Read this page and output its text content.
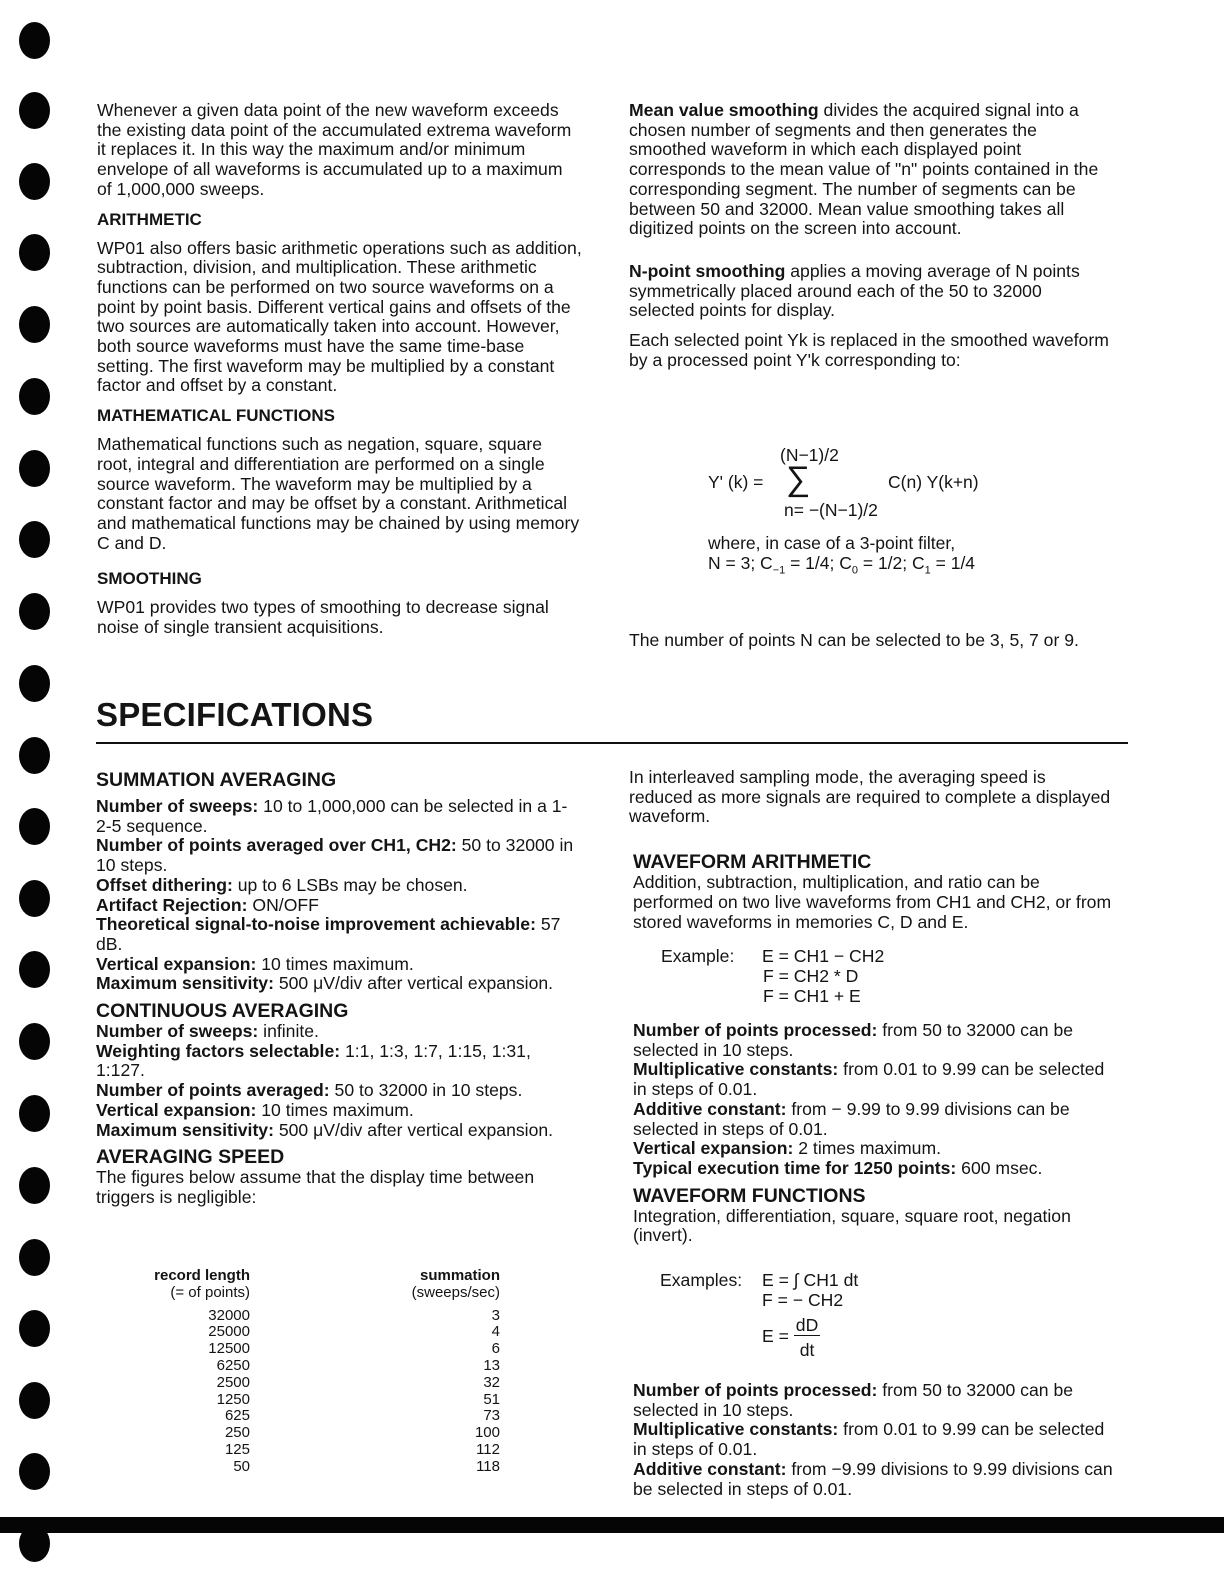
Whenever a given data point of the new waveform exceeds the existing data point of the accumulated extrema waveform it replaces it. In this way the maximum and/or minimum envelope of all waveforms is accumulated up to a maximum of 1,000,000 sweeps.

ARITHMETIC

WP01 also offers basic arithmetic operations such as addition, subtraction, division, and multiplication. These arithmetic functions can be performed on two source waveforms on a point by point basis. Different vertical gains and offsets of the two sources are automatically taken into account. However, both source waveforms must have the same time-base setting. The first waveform may be multiplied by a constant factor and offset by a constant.

MATHEMATICAL FUNCTIONS

Mathematical functions such as negation, square, square root, integral and differentiation are performed on a single source waveform. The waveform may be multiplied by a constant factor and may be offset by a constant. Arithmetical and mathematical functions may be chained by using memory C and D.

SMOOTHING

WP01 provides two types of smoothing to decrease signal noise of single transient acquisitions.

Mean value smoothing divides the acquired signal into a chosen number of segments and then generates the smoothed waveform in which each displayed point corresponds to the mean value of "n" points contained in the corresponding segment. The number of segments can be between 50 and 32000. Mean value smoothing takes all digitized points on the screen into account.

N-point smoothing applies a moving average of N points symmetrically placed around each of the 50 to 32000 selected points for display.

Each selected point Yk is replaced in the smoothed waveform by a processed point Y'k corresponding to:

(N−1)/2
Y' (k) = ∑	C(n) Y(k+n)
n= −(N−1)/2
where, in case of a 3-point filter,
N = 3; $C_{-1} = 1/4$; $C_0 = 1/2$; $C_1 = 1/4$

The number of points N can be selected to be 3, 5, 7 or 9.

SPECIFICATIONS
SUMMATION AVERAGING

Number of sweeps: 10 to 1,000,000 can be selected in a 1-2-5 sequence.

Number of points averaged over CH1, CH2: 50 to 32000 in 10 steps.

Offset dithering: up to 6 LSBs may be chosen.

Artifact Rejection: ON/OFF

Theoretical signal-to-noise improvement achievable: 57 dB.

Vertical expansion: 10 times maximum.

Maximum sensitivity: 500 μV/div after vertical expansion.

CONTINUOUS AVERAGING

Number of sweeps: infinite.

Weighting factors selectable: 1:1, 1:3, 1:7, 1:15, 1:31, 1:127.

Number of points averaged: 50 to 32000 in 10 steps.

Vertical expansion: 10 times maximum.

Maximum sensitivity: 500 μV/div after vertical expansion.

AVERAGING SPEED

The figures below assume that the display time between triggers is negligible:

record length	summation
(= of points)	(sweeps/sec)

32000	3
25000	4
12500	6
6250	13
2500	32
1250	51
625	73
250	100
125	112
50	118

In interleaved sampling mode, the averaging speed is reduced as more signals are required to complete a displayed waveform.

WAVEFORM ARITHMETIC

Addition, subtraction, multiplication, and ratio can be performed on two live waveforms from CH1 and CH2, or from stored waveforms in memories C, D and E.

Example: E = CH1 − CH2
F = CH2 * D
F = CH1 + E

Number of points processed: from 50 to 32000 can be selected in 10 steps.

Multiplicative constants: from 0.01 to 9.99 can be selected in steps of 0.01.

Additive constant: from − 9.99 to 9.99 divisions can be selected in steps of 0.01.

Vertical expansion: 2 times maximum.

Typical execution time for 1250 points: 600 msec.

WAVEFORM FUNCTIONS

Integration, differentiation, square, square root, negation (invert).

Examples: E = ∫ CH1 dt
F = − CH2
$E = \frac{dD}{dt}$

Number of points processed: from 50 to 32000 can be selected in 10 steps.

Multiplicative constants: from 0.01 to 9.99 can be selected in steps of 0.01.

Additive constant: from −9.99 divisions to 9.99 divisions can be selected in steps of 0.01.
